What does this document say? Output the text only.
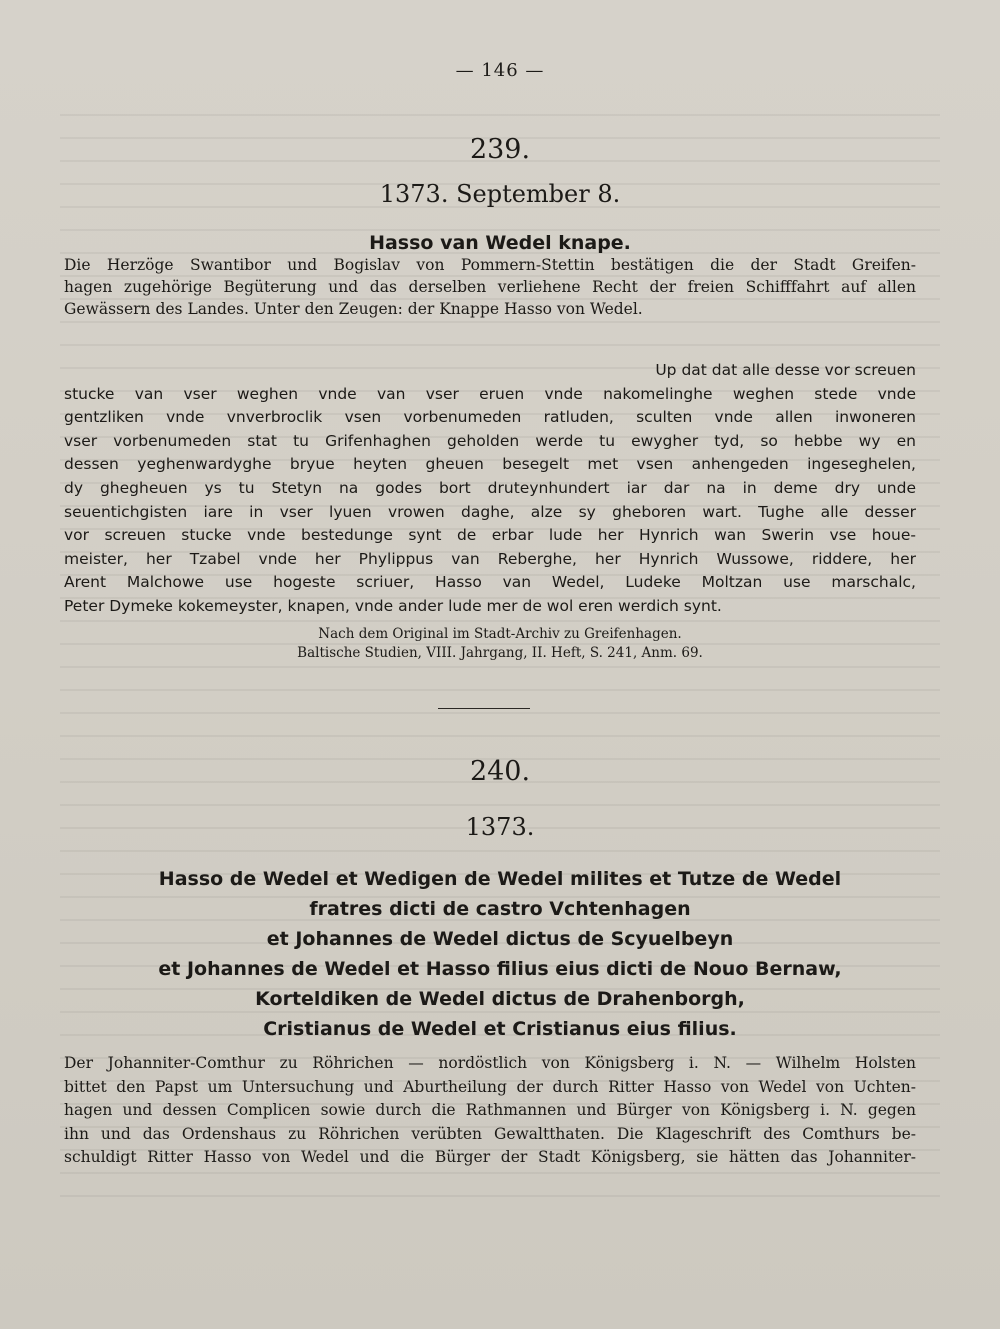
— 146 —
239.
1373. September 8.
Hasso van Wedel knape.
Die Herzöge Swantibor und Bogislav von Pommern-Stettin bestätigen die der Stadt Greifen-
hagen zugehörige Begüterung und das derselben verliehene Recht der freien Schifffahrt auf allen
Gewässern des Landes. Unter den Zeugen: der Knappe Hasso von Wedel.
Up dat dat alle desse vor screuen
stucke van vser weghen vnde van vser eruen vnde nakomelinghe weghen stede vnde
gentzliken vnde vnverbroclik vsen vorbenumeden ratluden, sculten vnde allen inwoneren
vser vorbenumeden stat tu Grifenhaghen geholden werde tu ewygher tyd, so hebbe wy en
dessen yeghenwardyghe bryue heyten gheuen besegelt met vsen anhengeden ingeseghelen,
dy ghegheuen ys tu Stetyn na godes bort druteynhundert iar dar na in deme dry unde
seuentichgisten iare in vser lyuen vrowen daghe, alze sy gheboren wart. Tughe alle desser
vor screuen stucke vnde bestedunge synt de erbar lude her Hynrich wan Swerin vse houe-
meister, her Tzabel vnde her Phylippus van Reberghe, her Hynrich Wussowe, riddere, her
Arent Malchowe use hogeste scriuer, Hasso van Wedel, Ludeke Moltzan use marschalc,
Peter Dymeke kokemeyster, knapen, vnde ander lude mer de wol eren werdich synt.
Nach dem Original im Stadt-Archiv zu Greifenhagen.
Baltische Studien, VIII. Jahrgang, II. Heft, S. 241, Anm. 69.
240.
1373.
Hasso de Wedel et Wedigen de Wedel milites et Tutze de Wedel
fratres dicti de castro Vchtenhagen
et Johannes de Wedel dictus de Scyuelbeyn
et Johannes de Wedel et Hasso filius eius dicti de Nouo Bernaw,
Korteldiken de Wedel dictus de Drahenborgh,
Cristianus de Wedel et Cristianus eius filius.
Der Johanniter-Comthur zu Röhrichen — nordöstlich von Königsberg i. N. — Wilhelm Holsten
bittet den Papst um Untersuchung und Aburtheilung der durch Ritter Hasso von Wedel von Uchten-
hagen und dessen Complicen sowie durch die Rathmannen und Bürger von Königsberg i. N. gegen
ihn und das Ordenshaus zu Röhrichen verübten Gewaltthaten. Die Klageschrift des Comthurs be-
schuldigt Ritter Hasso von Wedel und die Bürger der Stadt Königsberg, sie hätten das Johanniter-
